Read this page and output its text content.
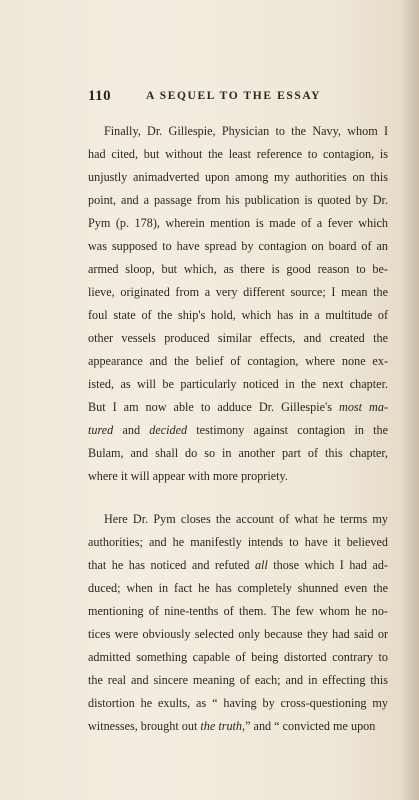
110	A SEQUEL TO THE ESSAY
Finally, Dr. Gillespie, Physician to the Navy, whom I
had cited, but without the least reference to contagion, is
unjustly animadverted upon among my authorities on this
point, and a passage from his publication is quoted by Dr.
Pym (p. 178), wherein mention is made of a fever which
was supposed to have spread by contagion on board of an
armed sloop, but which, as there is good reason to be-
lieve, originated from a very different source; I mean the
foul state of the ship's hold, which has in a multitude of
other vessels produced similar effects, and created the
appearance and the belief of contagion, where none ex-
isted, as will be particularly noticed in the next chapter.
But I am now able to adduce Dr. Gillespie's most ma-
tured and decided testimony against contagion in the
Bulam, and shall do so in another part of this chapter,
where it will appear with more propriety.
Here Dr. Pym closes the account of what he terms my
authorities; and he manifestly intends to have it believed
that he has noticed and refuted all those which I had ad-
duced; when in fact he has completely shunned even the
mentioning of nine-tenths of them. The few whom he no-
tices were obviously selected only because they had said or
admitted something capable of being distorted contrary to
the real and sincere meaning of each; and in effecting this
distortion he exults, as “ having by cross-questioning my
witnesses, brought out the truth,” and “ convicted me upon
